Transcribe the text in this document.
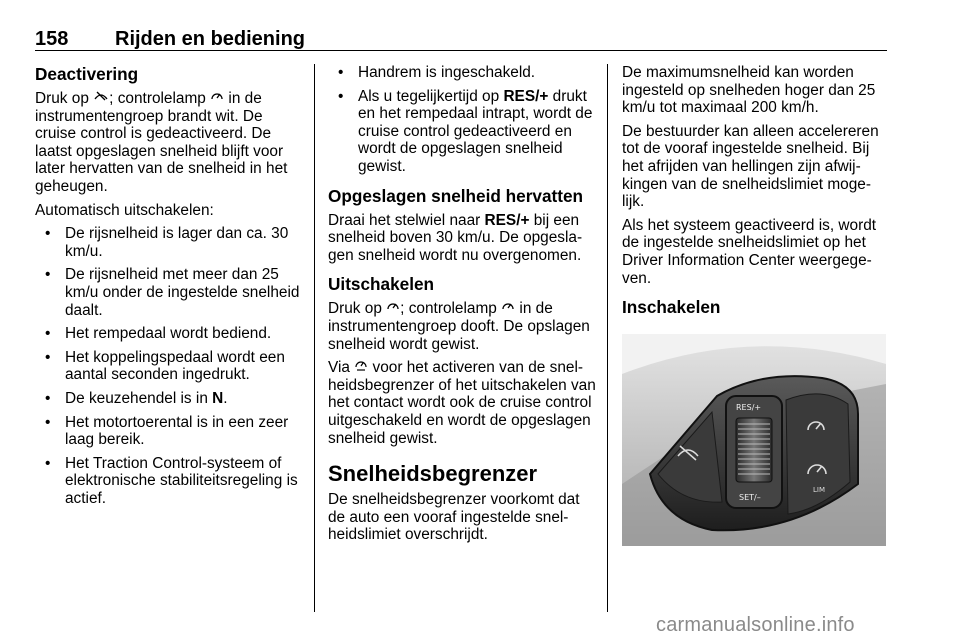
158 Rijden en bediening
Deactivering

Druk op ; controlelamp  in de instrumentengroep brandt wit. De cruise control is gedeactiveerd. De laatst opgeslagen snelheid blijft voor later hervatten van de snelheid in het geheugen.

Automatisch uitschakelen:

• De rijsnelheid is lager dan ca. 30 km/u.
• De rijsnelheid met meer dan 25 km/u onder de ingestelde snelheid daalt.
• Het rempedaal wordt bediend.
• Het koppelingspedaal wordt een aantal seconden ingedrukt.
• De keuzehendel is in N.
• Het motortoerental is in een zeer laag bereik.
• Het Traction Control-systeem of elektronische stabiliteitsregeling is actief.
• Handrem is ingeschakeld.
• Als u tegelijkertijd op RES/+ drukt en het rempedaal intrapt, wordt de cruise control gedeactiveerd en wordt de opgeslagen snelheid gewist.
Opgeslagen snelheid hervatten

Draai het stelwiel naar RES/+ bij een snelheid boven 30 km/u. De opgesla-gen snelheid wordt nu overgenomen.

Uitschakelen

Druk op ; controlelamp  in de instrumentengroep dooft. De opslagen snelheid wordt gewist.

Via  voor het activeren van de snel-heidsbegrenzer of het uitschakelen van het contact wordt ook de cruise control uitgeschakeld en wordt de opgeslagen snelheid gewist.

Snelheidsbegrenzer

De snelheidsbegrenzer voorkomt dat de auto een vooraf ingestelde snel-heidslimiet overschrijdt.

De maximumsnelheid kan worden ingesteld op snelheden hoger dan 25 km/u tot maximaal 200 km/h.

De bestuurder kan alleen accelereren tot de vooraf ingestelde snelheid. Bij het afrijden van hellingen zijn afwij-kingen van de snelheidslimiet moge-lijk.

Als het systeem geactiveerd is, wordt de ingestelde snelheidslimiet op het Driver Information Center weergege-ven.

Inschakelen
LIM
RES/+
SET/–
carmanualsonline.info
